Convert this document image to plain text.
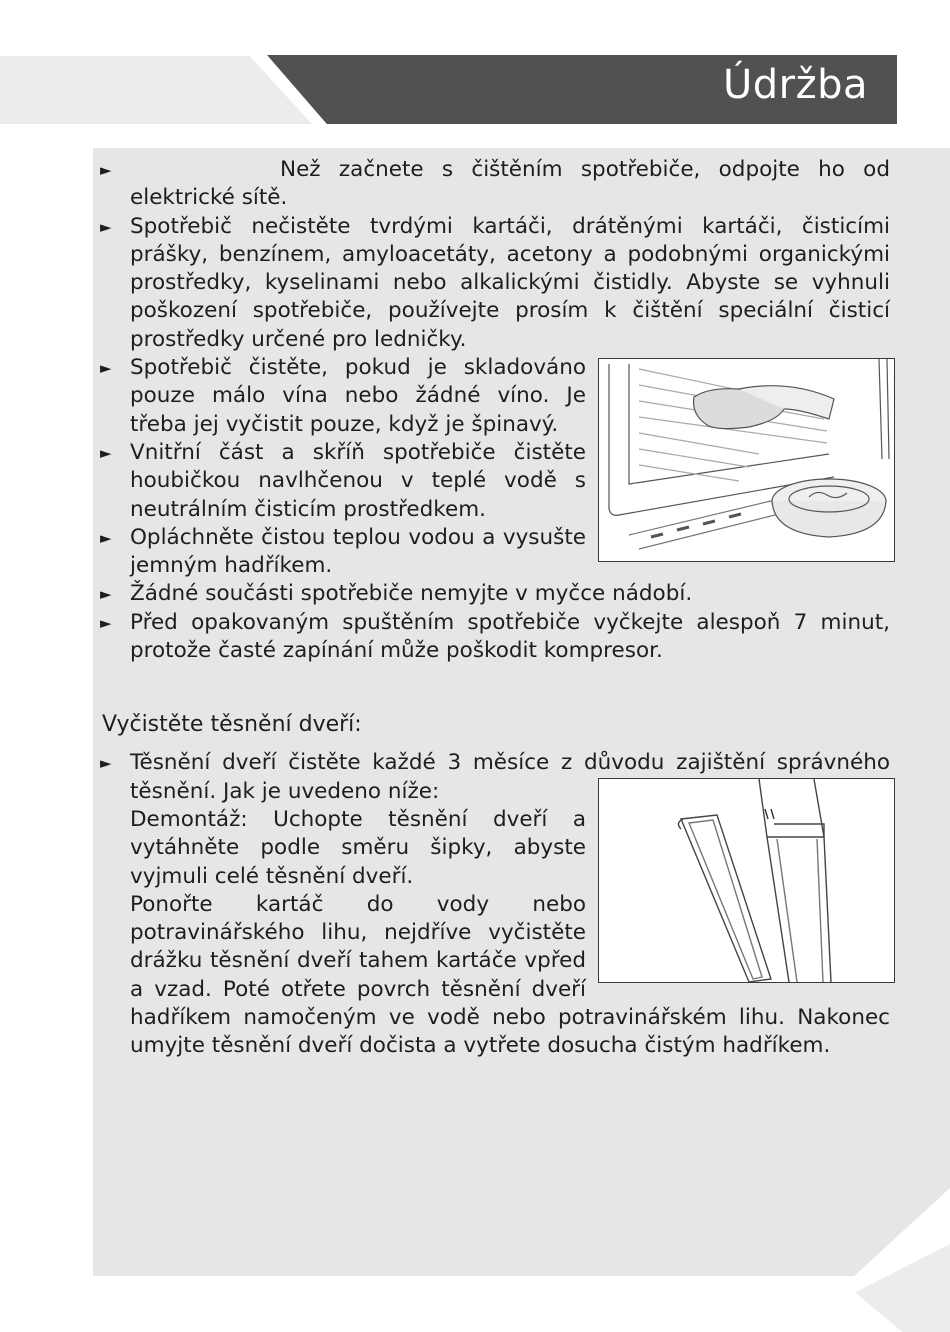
Údržba
►	Než začnete s čištěním spotřebiče, odpojte ho od elektrické sítě.
► Spotřebič nečistěte tvrdými kartáči, drátěnými kartáči, čisticími prášky, benzínem, amyloacetáty, acetony a podobnými organickými prostředky, kyselinami nebo alkalickými čistidly. Abyste se vyhnuli poškození spotřebiče, používejte prosím k čištění speciální čisticí prostředky určené pro ledničky.
► Spotřebič čistěte, pokud je skladováno pouze málo vína nebo žádné víno. Je třeba jej vyčistit pouze, když je špinavý.
► Vnitřní část a skříň spotřebiče čistěte houbičkou navlhčenou v teplé vodě s neutrálním čisticím prostředkem.
► Opláchněte čistou teplou vodou a vysušte jemným hadříkem.
► Žádné součásti spotřebiče nemyjte v myčce nádobí.
► Před opakovaným spuštěním spotřebiče vyčkejte alespoň 7 minut, protože časté zapínání může poškodit kompresor.
Vyčistěte těsnění dveří:
► Těsnění dveří čistěte každé 3 měsíce z důvodu zajištění správného těsnění. Jak je uvedeno níže:
Demontáž: Uchopte těsnění dveří a vytáhněte podle směru šipky, abyste vyjmuli celé těsnění dveří.
Ponořte kartáč do vody nebo potravinářského lihu, nejdříve vyčistěte drážku těsnění dveří tahem kartáče vpřed a vzad. Poté otřete povrch těsnění dveří hadříkem namočeným ve vodě nebo potravinářském lihu. Nakonec umyjte těsnění dveří dočista a vytřete dosucha čistým hadříkem.
